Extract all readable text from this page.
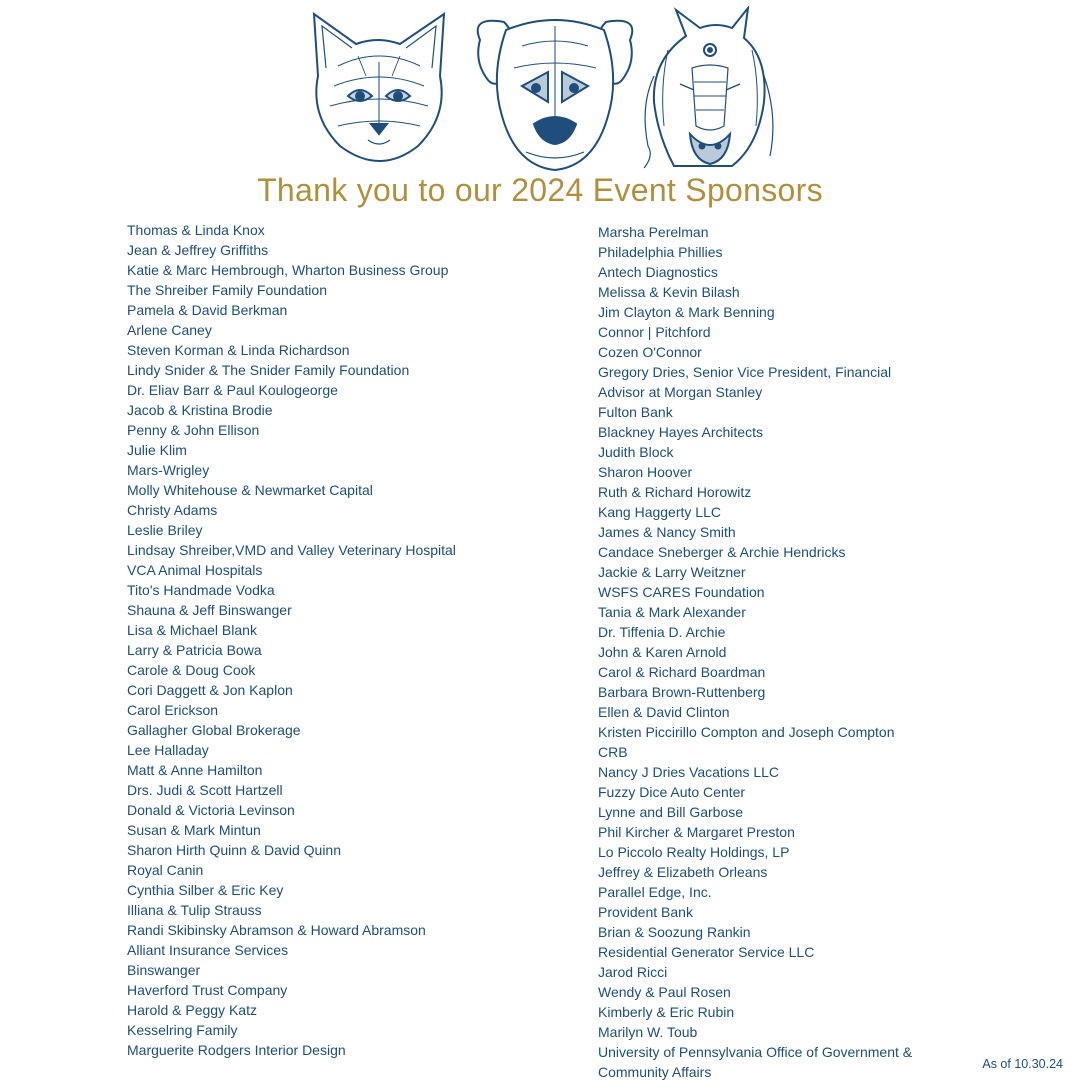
Thank you to our 2024 Event Sponsors
Thomas & Linda Knox
Jean & Jeffrey Griffiths
Katie & Marc Hembrough, Wharton Business Group
The Shreiber Family Foundation
Pamela & David Berkman
Arlene Caney
Steven Korman & Linda Richardson
Lindy Snider & The Snider Family Foundation
Dr. Eliav Barr & Paul Koulogeorge
Jacob & Kristina Brodie
Penny & John Ellison
Julie Klim
Mars-Wrigley
Molly Whitehouse & Newmarket Capital
Christy Adams
Leslie Briley
Lindsay Shreiber,VMD and Valley Veterinary Hospital
VCA Animal Hospitals
Tito's Handmade Vodka
Shauna & Jeff Binswanger
Lisa & Michael Blank
Larry & Patricia Bowa
Carole & Doug Cook
Cori Daggett & Jon Kaplon
Carol Erickson
Gallagher Global Brokerage
Lee Halladay
Matt & Anne Hamilton
Drs. Judi & Scott Hartzell
Donald & Victoria Levinson
Susan & Mark Mintun
Sharon Hirth Quinn & David Quinn
Royal Canin
Cynthia Silber & Eric Key
Illiana & Tulip Strauss
Randi Skibinsky Abramson & Howard Abramson
Alliant Insurance Services
Binswanger
Haverford Trust Company
Harold & Peggy Katz
Kesselring Family
Marguerite Rodgers Interior Design
Marsha Perelman
Philadelphia Phillies
Antech Diagnostics
Melissa & Kevin Bilash
Jim Clayton & Mark Benning
Connor | Pitchford
Cozen O'Connor
Gregory Dries, Senior Vice President, Financial Advisor at Morgan Stanley
Fulton Bank
Blackney Hayes Architects
Judith Block
Sharon Hoover
Ruth & Richard Horowitz
Kang Haggerty LLC
James & Nancy Smith
Candace Sneberger & Archie Hendricks
Jackie & Larry Weitzner
WSFS CARES Foundation
Tania & Mark Alexander
Dr. Tiffenia D. Archie
John & Karen Arnold
Carol & Richard Boardman
Barbara Brown-Ruttenberg
Ellen & David Clinton
Kristen Piccirillo Compton and Joseph Compton
CRB
Nancy J Dries Vacations LLC
Fuzzy Dice Auto Center
Lynne and Bill Garbose
Phil Kircher & Margaret Preston
Lo Piccolo Realty Holdings, LP
Jeffrey & Elizabeth Orleans
Parallel Edge, Inc.
Provident Bank
Brian & Soozung Rankin
Residential Generator Service LLC
Jarod Ricci
Wendy & Paul Rosen
Kimberly & Eric Rubin
Marilyn W. Toub
University of Pennsylvania Office of Government & Community Affairs	As of 10.30.24
